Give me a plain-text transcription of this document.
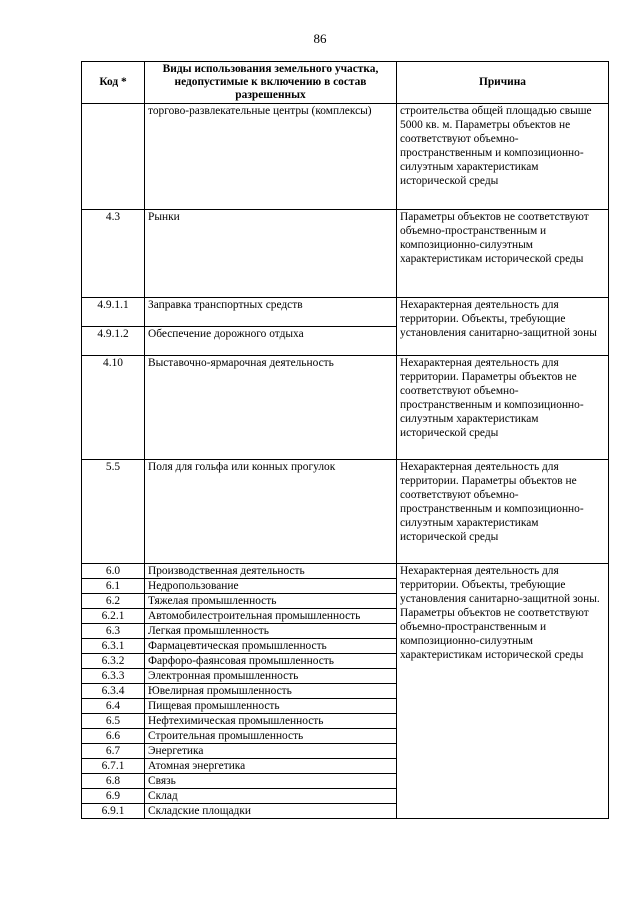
86
Код *	Виды использования земельного участка, недопустимые к включению в состав разрешенных	Причина
	торгово-развлекательные центры (комплексы)	строительства общей площадью свыше 5000 кв. м. Параметры объектов не соответствуют объемно-пространственным и композиционно-силуэтным характеристикам исторической среды
4.3	Рынки	Параметры объектов не соответствуют объемно-пространственным и композиционно-силуэтным характеристикам исторической среды
4.9.1.1	Заправка транспортных средств	Нехарактерная деятельность для территории. Объекты, требующие установления санитарно-защитной зоны
4.9.1.2	Обеспечение дорожного отдыха	
4.10	Выставочно-ярмарочная деятельность	Нехарактерная деятельность для территории. Параметры объектов не соответствуют объемно-пространственным и композиционно-силуэтным характеристикам исторической среды
5.5	Поля для гольфа или конных прогулок	Нехарактерная деятельность для территории. Параметры объектов не соответствуют объемно-пространственным и композиционно-силуэтным характеристикам исторической среды
6.0	Производственная деятельность	Нехарактерная деятельность для территории. Объекты, требующие установления санитарно-защитной зоны. Параметры объектов не соответствуют объемно-пространственным и композиционно-силуэтным характеристикам исторической среды
6.1	Недропользование	
6.2	Тяжелая промышленность	
6.2.1	Автомобилестроительная промышленность	
6.3	Легкая промышленность	
6.3.1	Фармацевтическая промышленность	
6.3.2	Фарфоро-фаянсовая промышленность	
6.3.3	Электронная промышленность	
6.3.4	Ювелирная промышленность	
6.4	Пищевая промышленность	
6.5	Нефтехимическая промышленность	
6.6	Строительная промышленность	
6.7	Энергетика	
6.7.1	Атомная энергетика	
6.8	Связь	
6.9	Склад	
6.9.1	Складские площадки	
